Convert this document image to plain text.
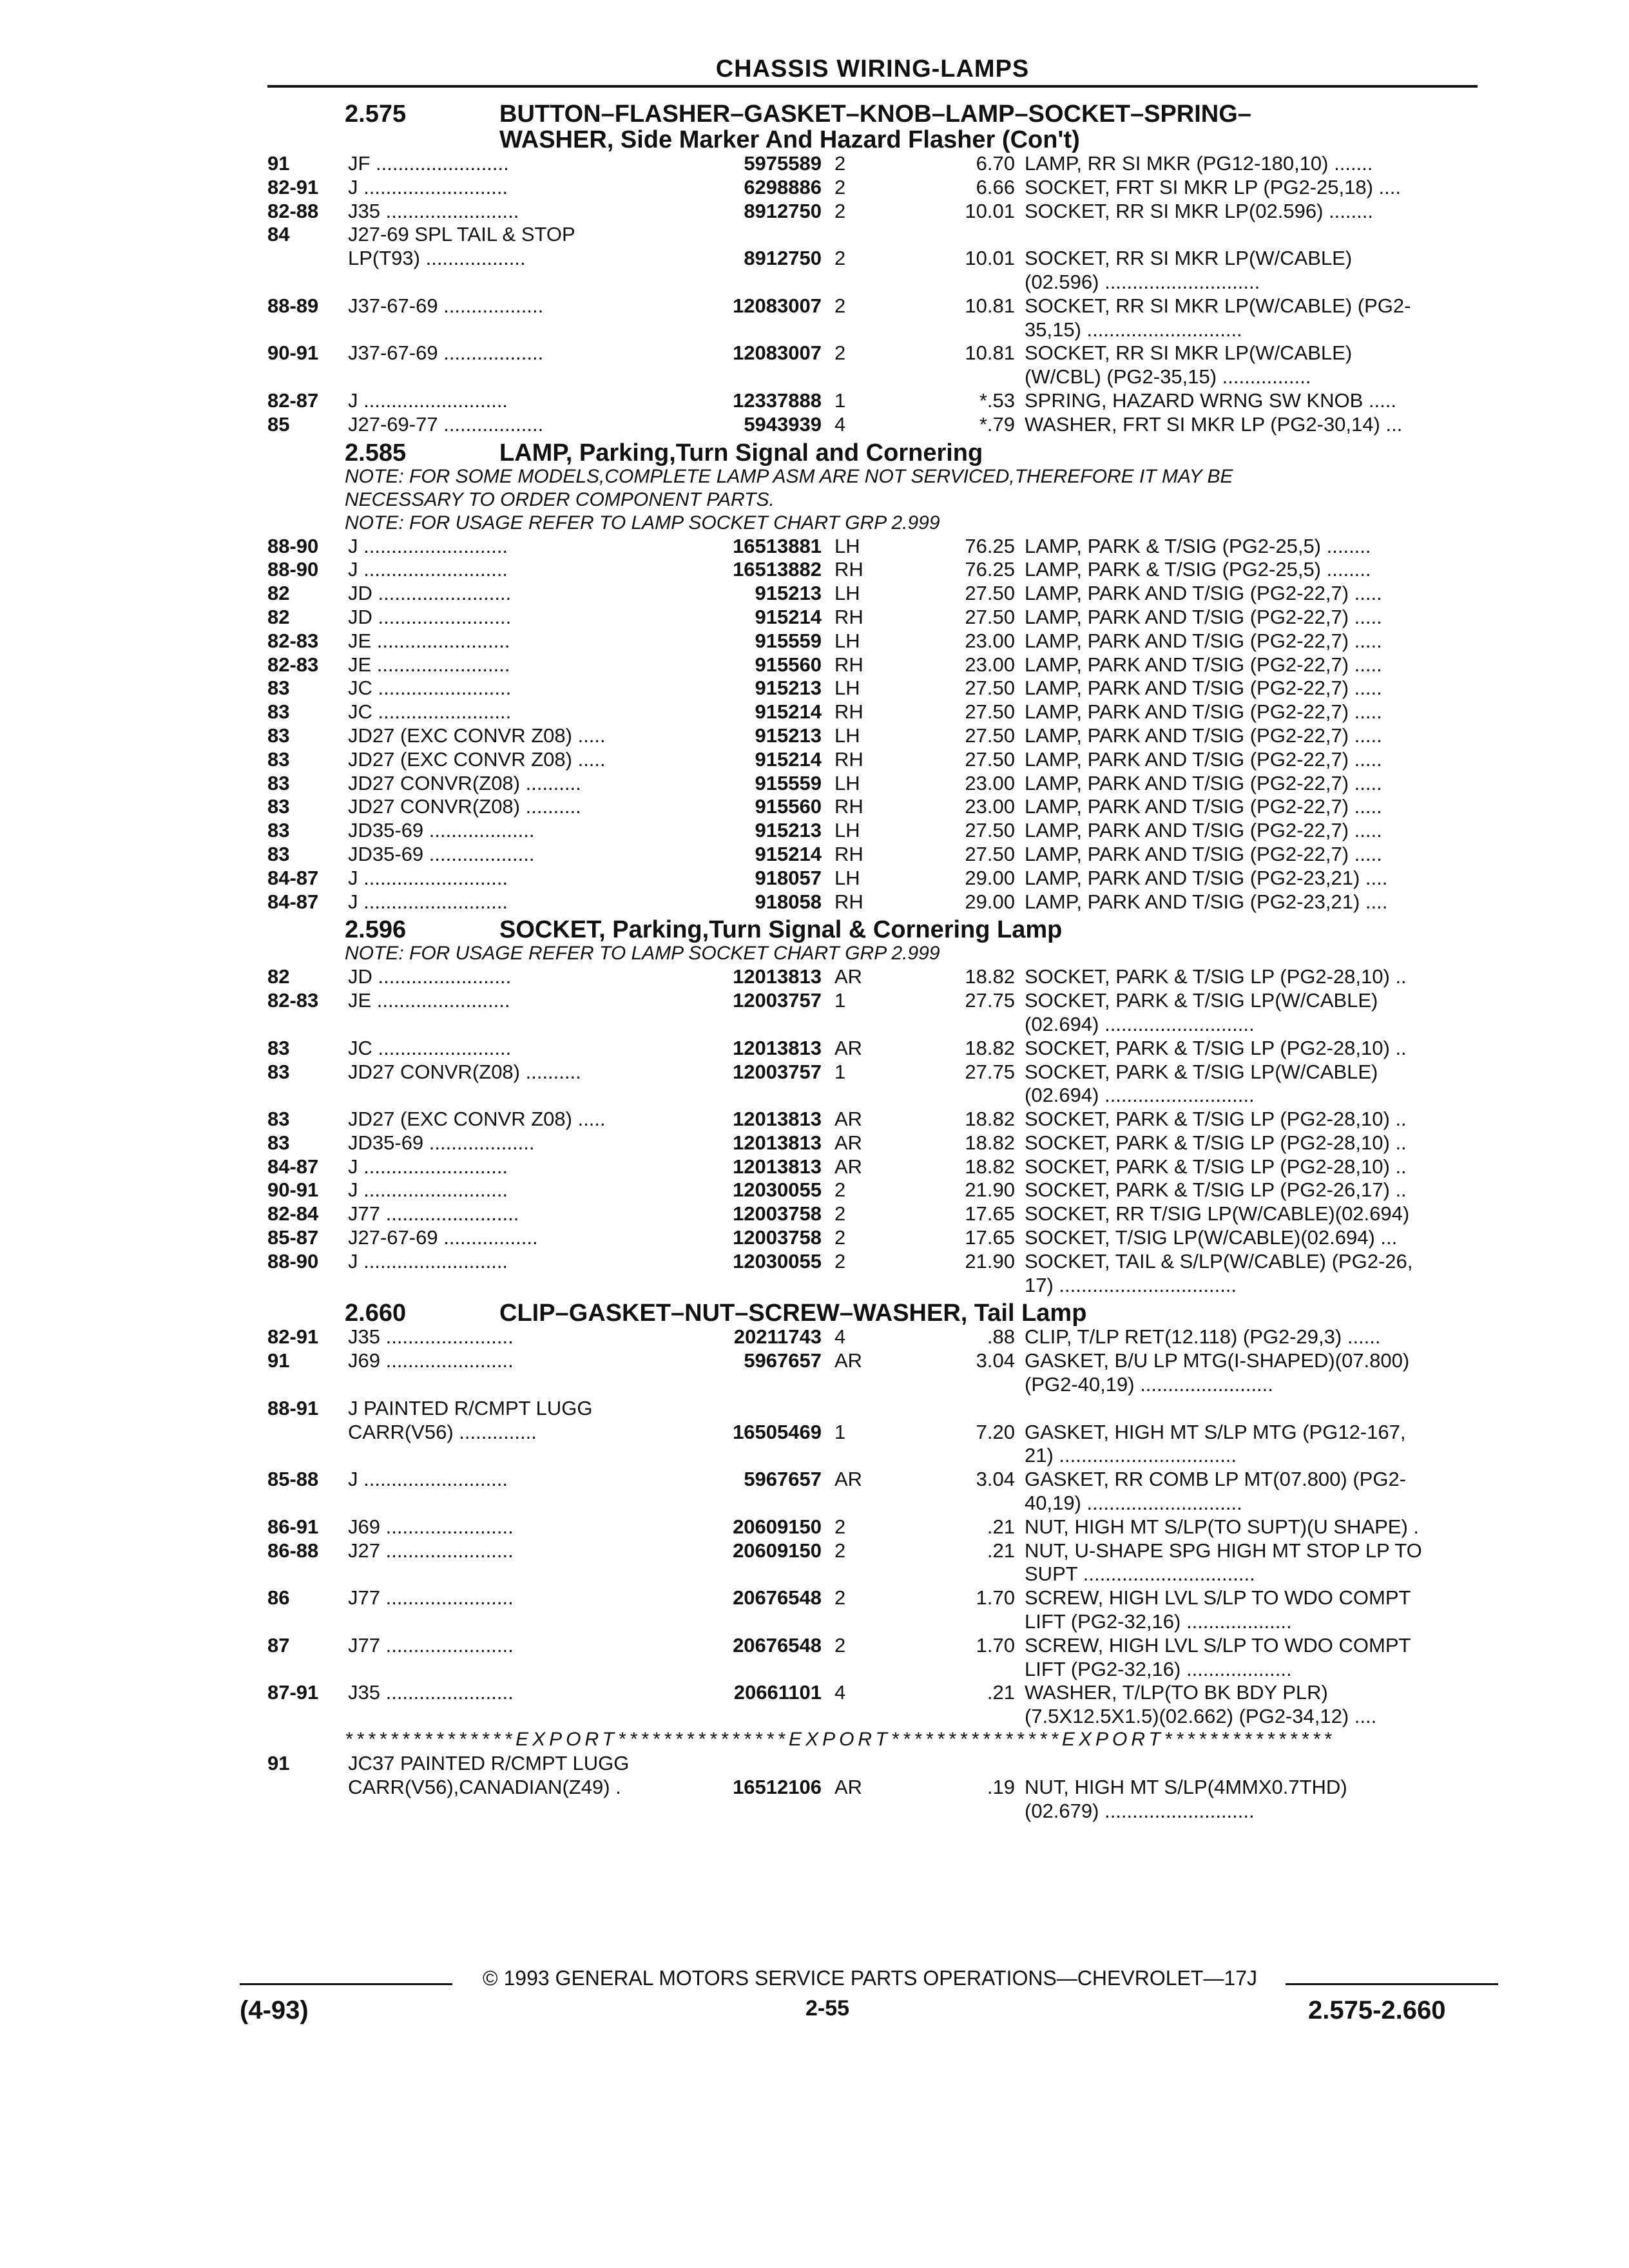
CHASSIS WIRING-LAMPS
2.575	BUTTON–FLASHER–GASKET–KNOB–LAMP–SOCKET–SPRING–
WASHER, Side Marker And Hazard Flasher (Con't)
91	JF ........................	5975589 2	6.70 LAMP, RR SI MKR (PG12-180,10) .......
82-91 J ..........................	6298886 2	6.66 SOCKET, FRT SI MKR LP (PG2-25,18) ....
82-88 J35 ........................	8912750 2	10.01 SOCKET, RR SI MKR LP(02.596) ........
84	J27-69 SPL TAIL & STOP
LP(T93) ..................	8912750 2	10.01 SOCKET, RR SI MKR LP(W/CABLE)
(02.596) ............................
88-89 J37-67-69 ..................	12083007 2	10.81 SOCKET, RR SI MKR LP(W/CABLE) (PG2-
35,15) ............................
90-91 J37-67-69 ..................	12083007 2	10.81 SOCKET, RR SI MKR LP(W/CABLE)
(W/CBL) (PG2-35,15) ................
82-87 J ..........................	12337888 1	*.53 SPRING, HAZARD WRNG SW KNOB .....
85	J27-69-77 ..................	5943939 4	*.79 WASHER, FRT SI MKR LP (PG2-30,14) ...
2.585	LAMP, Parking,Turn Signal and Cornering
NOTE: FOR SOME MODELS,COMPLETE LAMP ASM ARE NOT SERVICED,THEREFORE IT MAY BE
NECESSARY TO ORDER COMPONENT PARTS.
NOTE: FOR USAGE REFER TO LAMP SOCKET CHART GRP 2.999
88-90 J ..........................	16513881 LH	76.25 LAMP, PARK & T/SIG (PG2-25,5) ........
88-90 J ..........................	16513882 RH	76.25 LAMP, PARK & T/SIG (PG2-25,5) ........
82	JD ........................	915213 LH	27.50 LAMP, PARK AND T/SIG (PG2-22,7) .....
82	JD ........................	915214 RH	27.50 LAMP, PARK AND T/SIG (PG2-22,7) .....
82-83 JE ........................	915559 LH	23.00 LAMP, PARK AND T/SIG (PG2-22,7) .....
82-83 JE ........................	915560 RH	23.00 LAMP, PARK AND T/SIG (PG2-22,7) .....
83	JC ........................	915213 LH	27.50 LAMP, PARK AND T/SIG (PG2-22,7) .....
83	JC ........................	915214 RH	27.50 LAMP, PARK AND T/SIG (PG2-22,7) .....
83	JD27 (EXC CONVR Z08) .....	915213 LH	27.50 LAMP, PARK AND T/SIG (PG2-22,7) .....
83	JD27 (EXC CONVR Z08) .....	915214 RH	27.50 LAMP, PARK AND T/SIG (PG2-22,7) .....
83	JD27 CONVR(Z08) ..........	915559 LH	23.00 LAMP, PARK AND T/SIG (PG2-22,7) .....
83	JD27 CONVR(Z08) ..........	915560 RH	23.00 LAMP, PARK AND T/SIG (PG2-22,7) .....
83	JD35-69 ...................	915213 LH	27.50 LAMP, PARK AND T/SIG (PG2-22,7) .....
83	JD35-69 ...................	915214 RH	27.50 LAMP, PARK AND T/SIG (PG2-22,7) .....
84-87 J ..........................	918057 LH	29.00 LAMP, PARK AND T/SIG (PG2-23,21) ....
84-87 J ..........................	918058 RH	29.00 LAMP, PARK AND T/SIG (PG2-23,21) ....
2.596	SOCKET, Parking,Turn Signal & Cornering Lamp
NOTE: FOR USAGE REFER TO LAMP SOCKET CHART GRP 2.999
82	JD ........................	12013813 AR	18.82 SOCKET, PARK & T/SIG LP (PG2-28,10) ..
82-83 JE ........................	12003757 1	27.75 SOCKET, PARK & T/SIG LP(W/CABLE)
(02.694) ...........................
83	JC ........................	12013813 AR	18.82 SOCKET, PARK & T/SIG LP (PG2-28,10) ..
83	JD27 CONVR(Z08) ..........	12003757 1	27.75 SOCKET, PARK & T/SIG LP(W/CABLE)
(02.694) ...........................
83	JD27 (EXC CONVR Z08) .....	12013813 AR	18.82 SOCKET, PARK & T/SIG LP (PG2-28,10) ..
83	JD35-69 ...................	12013813 AR	18.82 SOCKET, PARK & T/SIG LP (PG2-28,10) ..
84-87 J ..........................	12013813 AR	18.82 SOCKET, PARK & T/SIG LP (PG2-28,10) ..
90-91 J ..........................	12030055 2	21.90 SOCKET, PARK & T/SIG LP (PG2-26,17) ..
82-84 J77 ........................	12003758 2	17.65 SOCKET, RR T/SIG LP(W/CABLE)(02.694)
85-87 J27-67-69 .................	12003758 2	17.65 SOCKET, T/SIG LP(W/CABLE)(02.694) ...
88-90 J ..........................	12030055 2	21.90 SOCKET, TAIL & S/LP(W/CABLE) (PG2-26,
17) ................................
2.660	CLIP–GASKET–NUT–SCREW–WASHER, Tail Lamp
82-91 J35 .......................	20211743 4	.88 CLIP, T/LP RET(12.118) (PG2-29,3) ......
91	J69 .......................	5967657 AR	3.04 GASKET, B/U LP MTG(I-SHAPED)(07.800)
(PG2-40,19) ........................
88-91 J PAINTED R/CMPT LUGG
CARR(V56) ..............	16505469 1	7.20 GASKET, HIGH MT S/LP MTG (PG12-167,
21) ................................
85-88 J ..........................	5967657 AR	3.04 GASKET, RR COMB LP MT(07.800) (PG2-
40,19) ............................
86-91 J69 .......................	20609150 2	.21 NUT, HIGH MT S/LP(TO SUPT)(U SHAPE) .
86-88 J27 .......................	20609150 2	.21 NUT, U-SHAPE SPG HIGH MT STOP LP TO
SUPT ...............................
86	J77 .......................	20676548 2	1.70 SCREW, HIGH LVL S/LP TO WDO COMPT
LIFT (PG2-32,16) ...................
87	J77 .......................	20676548 2	1.70 SCREW, HIGH LVL S/LP TO WDO COMPT
LIFT (PG2-32,16) ...................
87-91 J35 .......................	20661101 4	.21 WASHER, T/LP(TO BK BDY PLR)
(7.5X12.5X1.5)(02.662) (PG2-34,12) ....
***************EXPORT***************EXPORT***************EXPORT***************
91	JC37 PAINTED R/CMPT LUGG
CARR(V56),CANADIAN(Z49) .	16512106 AR	.19 NUT, HIGH MT S/LP(4MMX0.7THD)
(02.679) ...........................
© 1993 GENERAL MOTORS SERVICE PARTS OPERATIONS—CHEVROLET—17J
(4-93)	2-55	2.575-2.660
